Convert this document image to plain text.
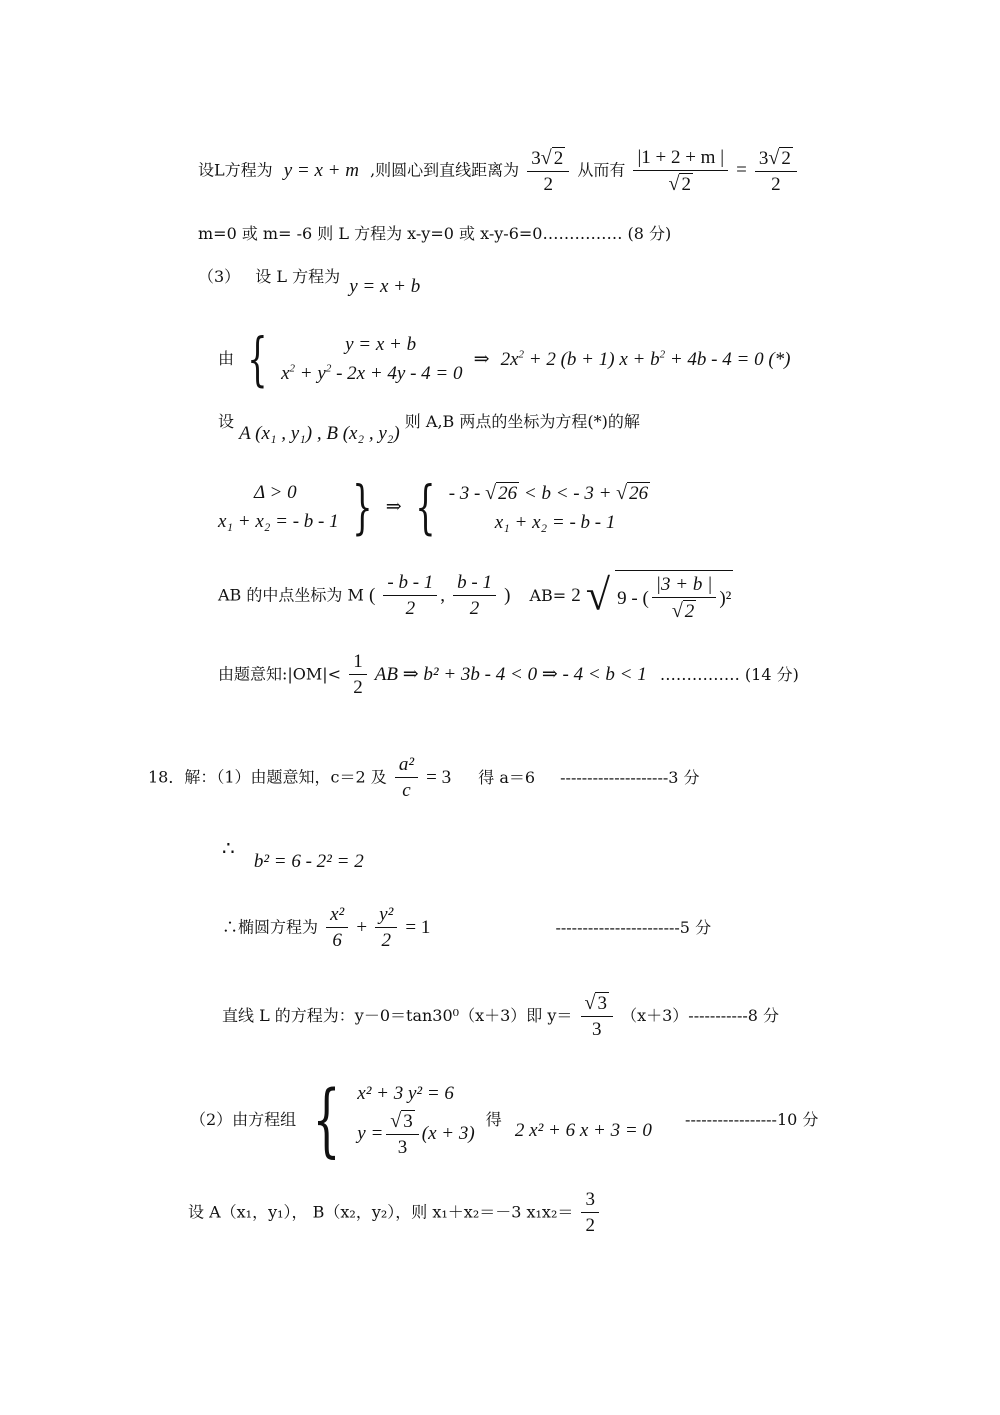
设L方程为 y = x + m ,则圆心到直线距离为 $\frac{3√ 2}{2}$ 从而有 $\frac{|1 + 2 + m |}{√ 2} = \frac{3√ 2}{2}$
m=0 或 m= -6 则 L 方程为 x-y=0 或 x-y-6=0…………… (8 分)
（3） 设 L 方程为 y = x + b
由 {	y = x + b
$x^2 + y^2 - 2x + 4y - 4 = 0$
⇒ $2x^2 + 2$ (b + 1) $x + b^2 + 4b - 4 = 0$ (*)
设 A (x₁ , y₁) , B (x₂ , y₂) 则 A,B 两点的坐标为方程(*)的解
Δ > 0
x₁ + x₂ = - b - 1 } ⇒ { - 3 - √ 26 < b < - 3 + √ 26
x₁ + x₂ = - b - 1
AB 的中点坐标为 M ( $\frac{- b - 1}{2}$ , $\frac{b - 1}{2}$ ) AB= 2 √ 9 - ( $\frac{|3 + b |}{√ 2} )^2$
由题意知:|OM|< $\frac{1}{2}$ AB ⇒ b² + 3b - 4 < 0 ⇒ - 4 < b < 1 …………… (14 分)
18．解：（1）由题意知，c＝2 及 $\frac{\text{a²}}{c} = 3$ 得 a＝6 --------------------3 分
∴ b² = 6 - 2² = 2
∴椭圆方程为 $\frac{\text{x²}}{6} + \frac{\text{y²}}{2} = 1$	-----------------------5 分
直线 L 的方程为：y－0＝tan30⁰（x＋3）即 $y= \frac{√ 3}{3} (x+3)-----------8$ 分
（2）由方程组 { x² + 3 y² = 6
$y = \frac{√ 3}{3} (x + 3)$
得 2 x² + 6 x + 3 = 0 -----------------10 分
设 A（x₁，y₁）， B（x₂，y₂），则 x₁＋x₂＝－3 $x_1x_2= \frac{3}{2}$
